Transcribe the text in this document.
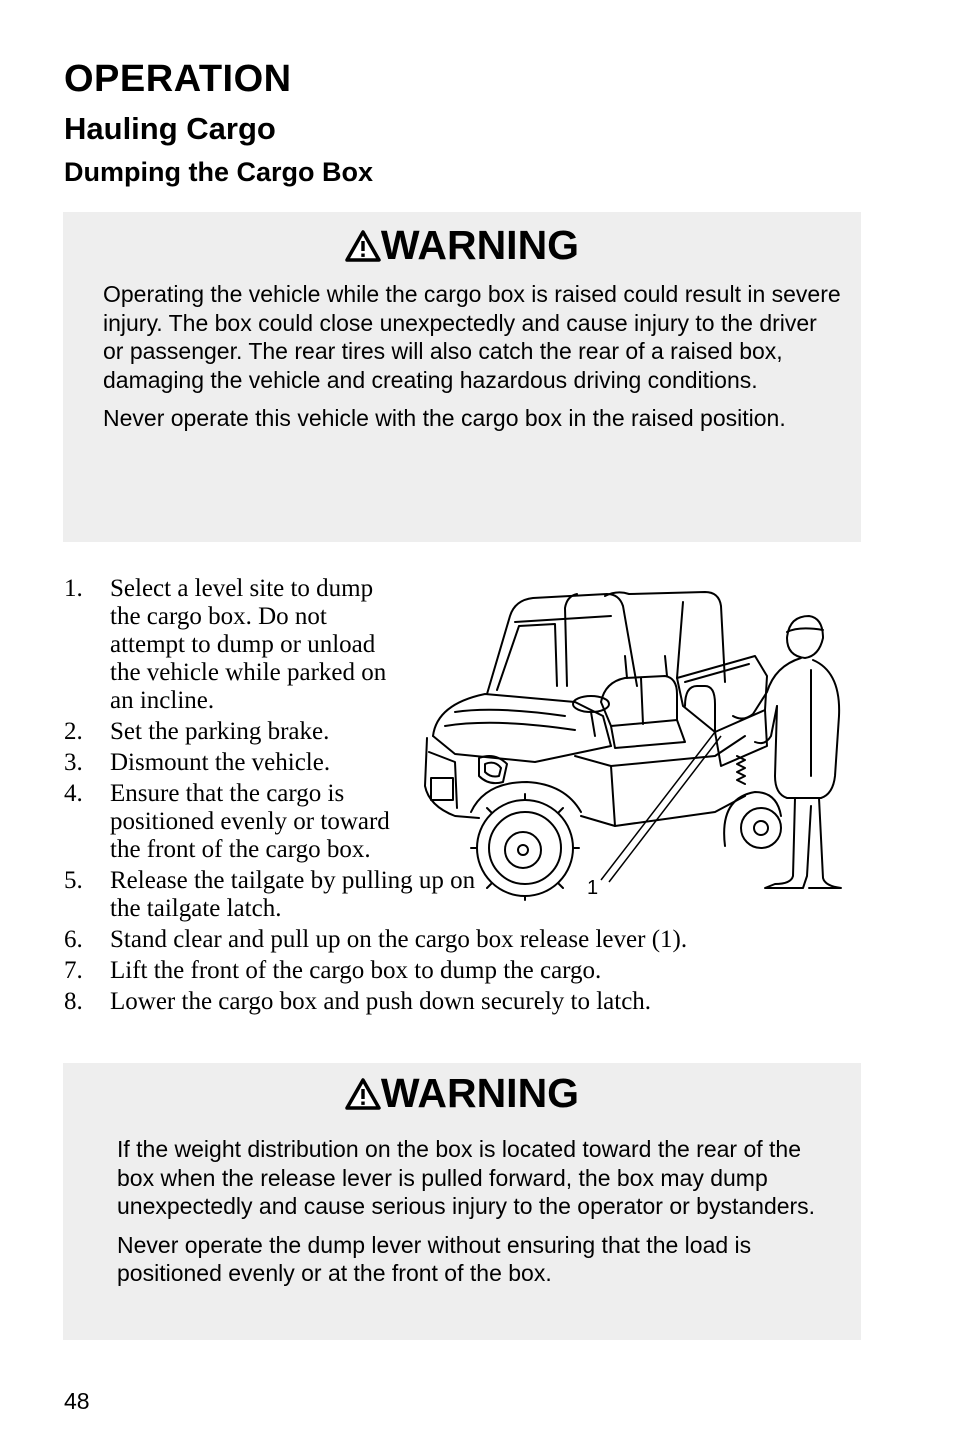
OPERATION
Hauling Cargo
Dumping the Cargo Box
WARNING

Operating the vehicle while the cargo box is raised could result in severe injury. The box could close unexpectedly and cause injury to the driver or passenger. The rear tires will also catch the rear of a raised box, damaging the vehicle and creating hazardous driving conditions.

Never operate this vehicle with the cargo box in the raised position.

1. Select a level site to dump the cargo box. Do not attempt to dump or unload the vehicle while parked on an incline.
2. Set the parking brake.
3. Dismount the vehicle.
4. Ensure that the cargo is positioned evenly or toward the front of the cargo box.
5. Release the tailgate by pulling up on the tailgate latch.
6. Stand clear and pull up on the cargo box release lever (1).
7. Lift the front of the cargo box to dump the cargo.
8. Lower the cargo box and push down securely to latch.
1
WARNING

If the weight distribution on the box is located toward the rear of the box when the release lever is pulled forward, the box may dump unexpectedly and cause serious injury to the operator or bystanders.

Never operate the dump lever without ensuring that the load is positioned evenly or at the front of the box.

48
